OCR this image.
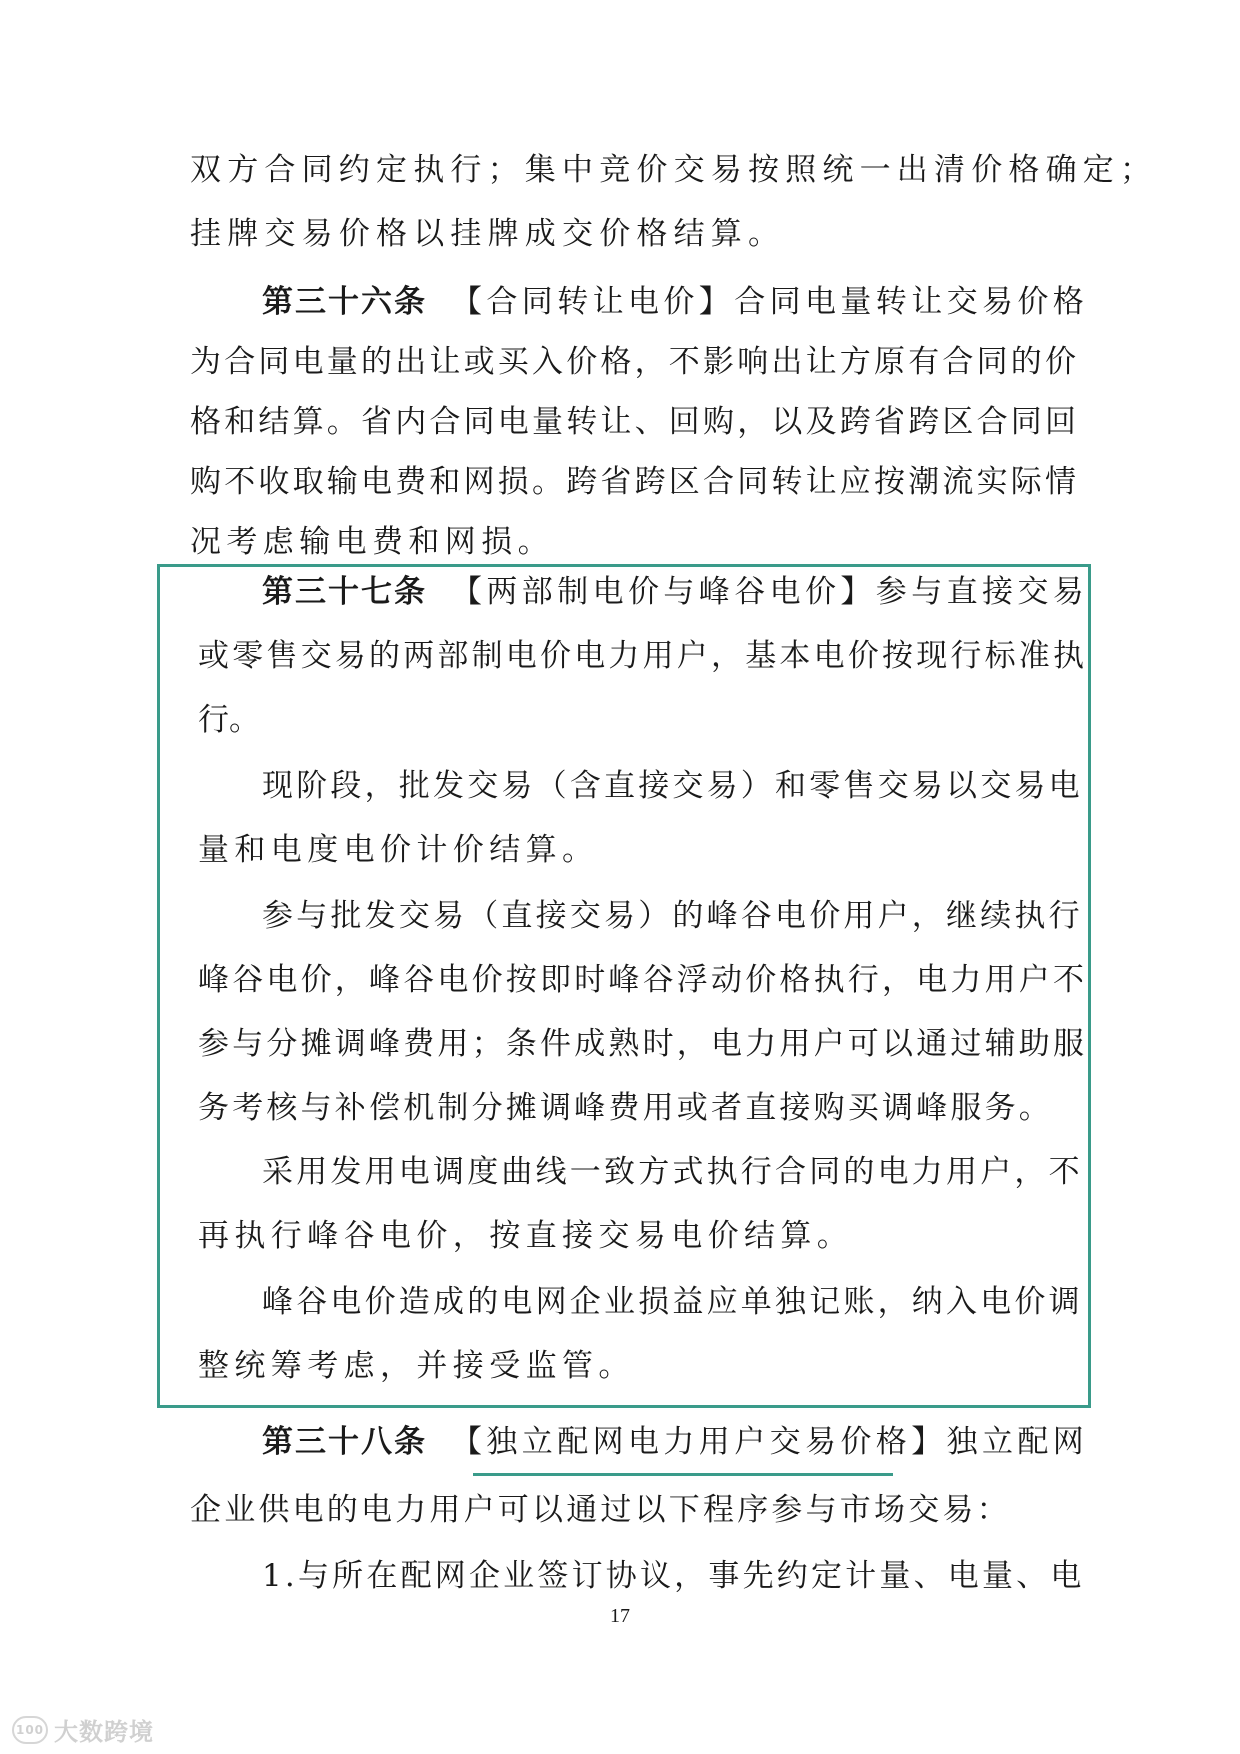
双方合同约定执行；集中竞价交易按照统一出清价格确定；
挂牌交易价格以挂牌成交价格结算。
第三十六条 【合同转让电价】合同电量转让交易价格
为合同电量的出让或买入价格，不影响出让方原有合同的价
格和结算。省内合同电量转让、回购，以及跨省跨区合同回
购不收取输电费和网损。跨省跨区合同转让应按潮流实际情
况考虑输电费和网损。
第三十七条 【两部制电价与峰谷电价】参与直接交易
或零售交易的两部制电价电力用户，基本电价按现行标准执
行。
现阶段，批发交易（含直接交易）和零售交易以交易电
量和电度电价计价结算。
参与批发交易（直接交易）的峰谷电价用户，继续执行
峰谷电价，峰谷电价按即时峰谷浮动价格执行，电力用户不
参与分摊调峰费用；条件成熟时，电力用户可以通过辅助服
务考核与补偿机制分摊调峰费用或者直接购买调峰服务。
采用发用电调度曲线一致方式执行合同的电力用户，不
再执行峰谷电价，按直接交易电价结算。
峰谷电价造成的电网企业损益应单独记账，纳入电价调
整统筹考虑，并接受监管。
第三十八条 【独立配网电力用户交易价格】独立配网
企业供电的电力用户可以通过以下程序参与市场交易：
1.与所在配网企业签订协议，事先约定计量、电量、电
17
100 大数跨境
